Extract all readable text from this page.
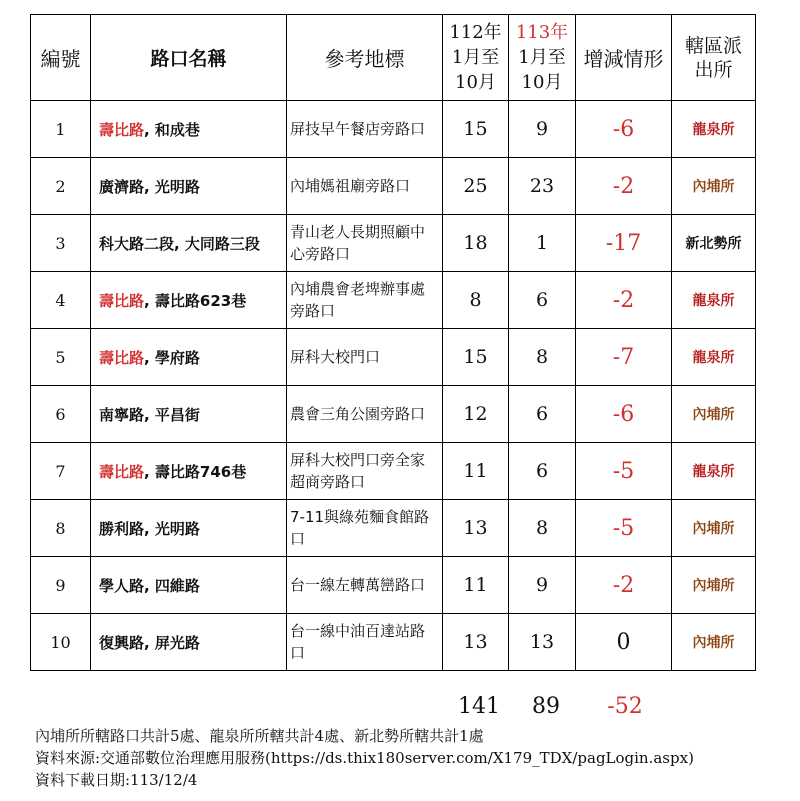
編號	路口名稱	參考地標	112年
1月至
10月	113年
1月至
10月	增減情形	轄區派
出所

1	壽比路, 和成巷	屏技早午餐店旁路口	15	9	-6	龍泉所
2	廣濟路, 光明路	內埔媽祖廟旁路口	25	23	-2	內埔所
3	科大路二段, 大同路三段	青山老人長期照顧中心旁路口	18	1	-17	新北勢所
4	壽比路, 壽比路623巷	內埔農會老埤辦事處旁路口	8	6	-2	龍泉所
5	壽比路, 學府路	屏科大校門口	15	8	-7	龍泉所
6	南寧路, 平昌街	農會三角公園旁路口	12	6	-6	內埔所
7	壽比路, 壽比路746巷	屏科大校門口旁全家超商旁路口	11	6	-5	龍泉所
8	勝利路, 光明路	7-11與綠苑麵食館路口	13	8	-5	內埔所
9	學人路, 四維路	台一線左轉萬巒路口	11	9	-2	內埔所
10	復興路, 屏光路	台一線中油百達站路口	13	13	0	內埔所
141	89	-52
內埔所所轄路口共計5處、龍泉所所轄共計4處、新北勢所轄共計1處
資料來源:交通部數位治理應用服務(https://ds.thix180server.com/X179_TDX/pagLogin.aspx)
資料下載日期:113/12/4
